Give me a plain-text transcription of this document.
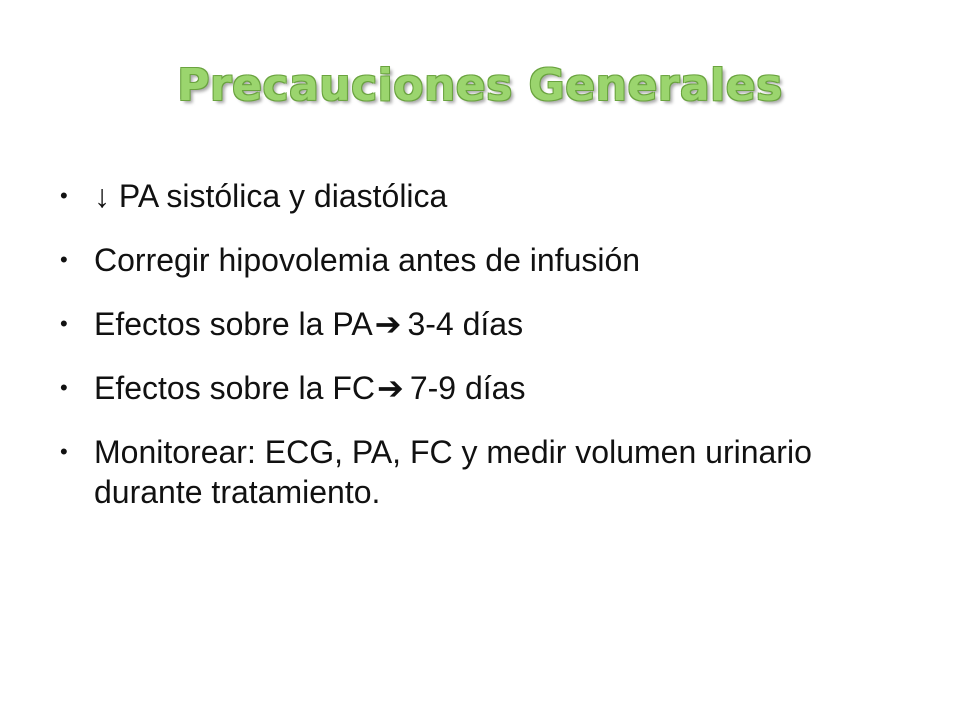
Precauciones Generales
• ↓ PA sistólica y diastólica
• Corregir hipovolemia antes de infusión
• Efectos sobre la PA➔ 3-4 días
• Efectos sobre la FC➔ 7-9 días
• Monitorear: ECG, PA, FC y medir volumen urinario durante tratamiento.
